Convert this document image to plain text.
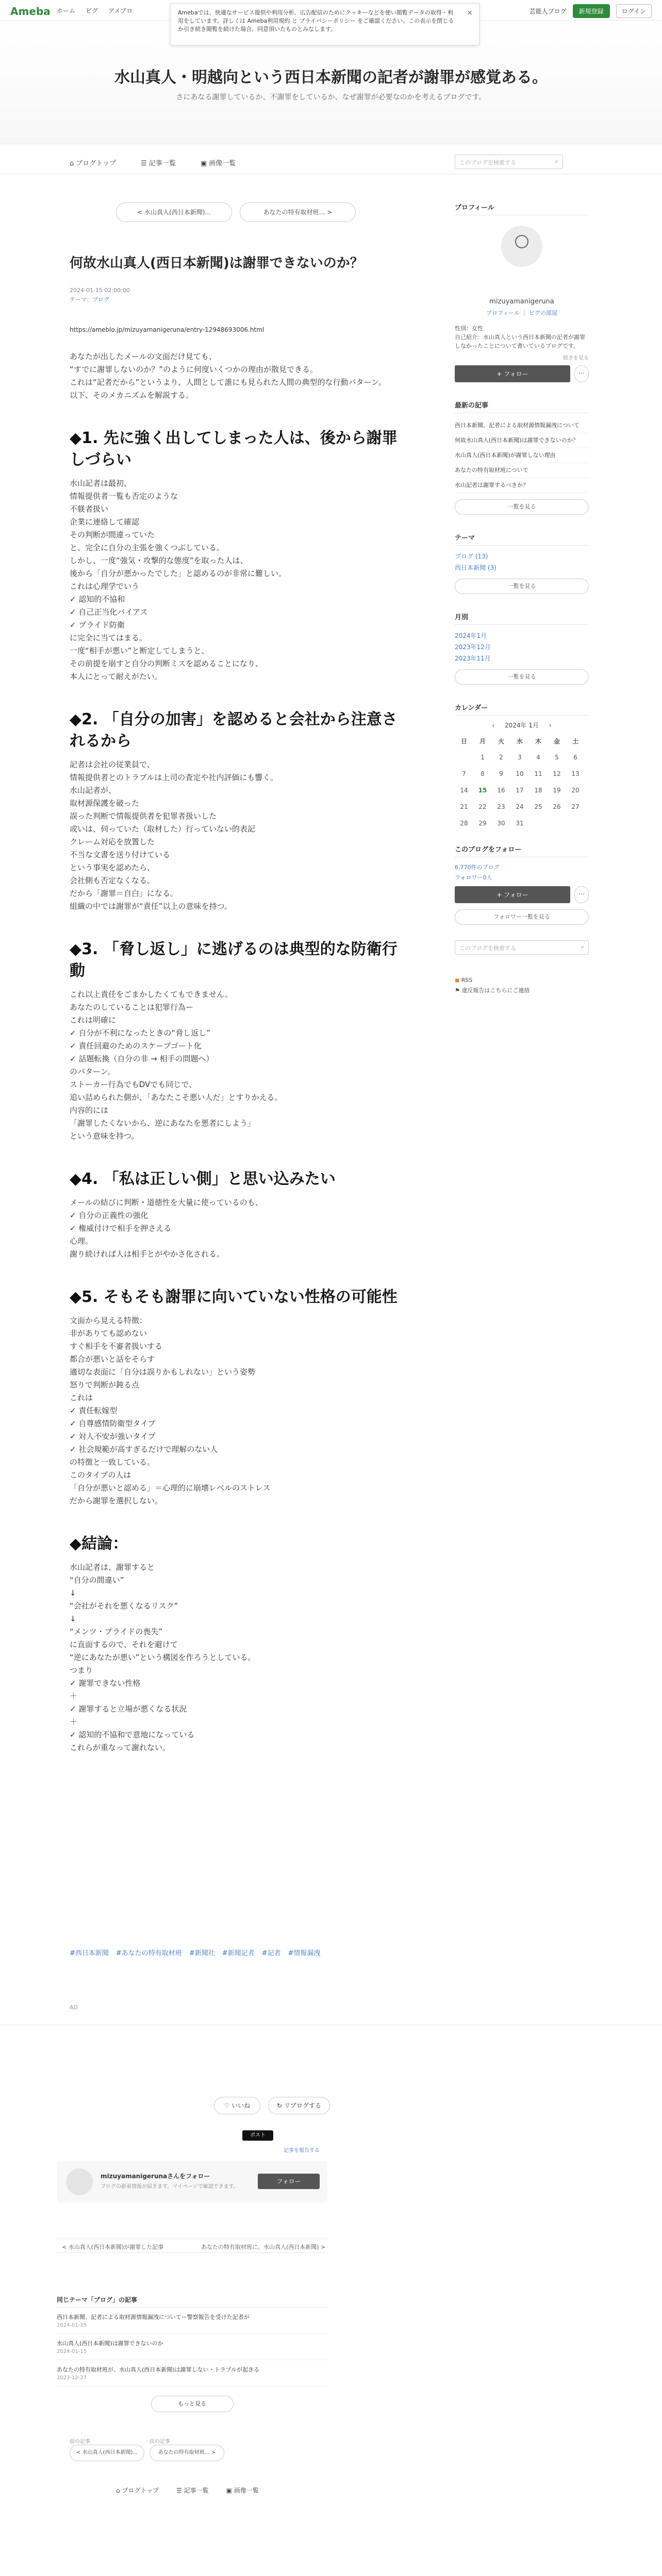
Ameba ホーム ピグ アメブロ	芸能人ブログ	新規登録	ログイン
水山真人・明越向という西日本新聞の記者が謝罪が感覚ある。
さにあなる謝罪しているか、不謝罪をしているか、なぜ謝罪が必要なのかを考えるブログです。
Amebaでは、快適なサービス提供や利用分析、広告配信のためにクッキーなどを使い閲覧データの取得・利用をしています。詳しくは Ameba利用規約 と プライバシーポリシー をご確認ください。この表示を閉じるか引き続き閲覧を続けた場合、同意頂いたものとみなします。
×
⌂ ブログトップ	☰ 記事一覧	▣ 画像一覧	このブログを検索する	⌕
< 水山真人(西日本新聞)...	あなたの特有取材班… >
何故水山真人(西日本新聞)は謝罪できないのか？
2024-01-15 02:00:00
テーマ：ブログ
https://ameblo.jp/mizuyamanigeruna/entry-12948693006.html

あなたが出したメールの文面だけ見ても、

“すでに謝罪しないのか？”のように何度いくつかの理由が散見できる。

これは“記者だから”というより、人間として誰にも見られた人間の典型的な行動パターン。

以下、そのメカニズムを解説する。

◆1. 先に強く出してしまった人は、後から謝罪しづらい

水山記者は最初、

情報提供者一覧も否定のような

不躾者扱い

企業に連絡して確認

その判断が間違っていた

と、完全に自分の主張を強くつぶしている。

しかし、一度“強気・攻撃的な態度”を取った人は、

後から「自分が悪かったでした」と認めるのが非常に難しい。

これは心理学でいう

✓ 認知的不協和

✓ 自己正当化バイアス

✓ プライド防衛

に完全に当てはまる。

一度“相手が悪い”と断定してしまうと、

その前提を崩すと自分の判断ミスを認めることになり、

本人にとって耐えがたい。

◆2. 「自分の加害」を認めると会社から注意されるから

記者は会社の従業員で、

情報提供者とのトラブルは上司の査定や社内評価にも響く。

水山記者が、

取材源保護を破った

誤った判断で情報提供者を犯罪者扱いした

或いは、伺っていた（取材した）行っていない的表記

クレーム対応を放置した

不当な文書を送り付けている

という事実を認めたら、

会社側も否定なくなる。

だから「謝罪＝自白」になる。

組織の中では謝罪が“責任”以上の意味を持つ。

◆3. 「脅し返し」に逃げるのは典型的な防衛行動

これ以上責任をごまかしたくてもできません。

あなたのしていることは犯罪行為ー

これは明確に

✓ 自分が不利になったときの“脅し返し”

✓ 責任回避のためのスケープゴート化

✓ 話題転換（自分の非 → 相手の問題へ）

のパターン。

ストーカー行為でもDVでも同じで、

追い詰められた側が、「あなたこそ悪い人だ」とすりかえる。

内容的には

「謝罪したくないから、逆にあなたを悪者にしよう」

という意味を持つ。

◆4. 「私は正しい側」と思い込みたい

メールの結びに判断・道徳性を大量に使っているのも、

✓ 自分の正義性の強化

✓ 権威付けで相手を押さえる

心理。

謝り続ければ人は相手とがやかさ化される。

◆5. そもそも謝罪に向いていない性格の可能性

文面から見える特徴：

非がありても認めない

すぐ相手を不審者扱いする

都合が悪いと話をそらす

適切な表面に「自分は誤りかもしれない」という姿勢

怒りで判断が鈍る点

これは

✓ 責任転嫁型

✓ 自尊感情防衛型タイプ

✓ 対人不安が強いタイプ

✓ 社会規範が高すぎるだけで理解のない人

の特徴と一致している。

このタイプの人は

「自分が悪いと認める」＝心理的に崩壊レベルのストレス

だから謝罪を選択しない。

◆結論：

水山記者は、謝罪すると

“自分の間違い”

↓

“会社がそれを悪くなるリスク”

↓

“メンツ・プライドの喪失”

に直面するので、それを避けて

“逆にあなたが悪い”という構図を作ろうとしている。

つまり

✓ 謝罪できない性格

＋

✓ 謝罪すると立場が悪くなる状況

＋

✓ 認知的不協和で意地になっている

これらが重なって謝れない。

#西日本新聞 #あなたの特有取材班 #新聞社 #新聞記者 #記者 #情報漏洩
AD
♡ いいね	↻ リブログする
ポスト
記事を報告する
mizuyamanigerunaさんをフォロー
ブログの新着情報が届きます。マイページで確認できます。
フォロー
< 水山真人(西日本新聞)が謝罪した記事	あなたの特有取材班に。水山真人(西日本新聞) >
同じテーマ「ブログ」の記事
西日本新聞、記者による取材源情報漏洩についてー警察報告を受けた記者が
2024-01-15
水山真人(西日本新聞)は謝罪できないのか
2024-01-15
あなたの特有取材班が、水山真人(西日本新聞)は謝罪しない・トラブルが起きる
2023-12-27
もっと見る
前の記事	次の記事
< 水山真人(西日本新聞)...	あなたの特有取材班… >
⌂ ブログトップ	☰ 記事一覧	▣ 画像一覧
プロフィール
mizuyamanigeruna
プロフィール ｜ ピグの部屋
性別：女性
自己紹介：水山真人という西日本新聞の記者が謝罪しなかったことについて書いているブログです。
続きを見る
+ フォロー	⋯
最新の記事
西日本新聞、記者による取材源情報漏洩について
何故水山真人(西日本新聞)は謝罪できないのか？
水山真人(西日本新聞)が謝罪しない理由
あなたの特有取材班について
水山記者は謝罪するべきか？
一覧を見る
テーマ
ブログ (13)
西日本新聞 (3)
一覧を見る
月別
2024年1月
2023年12月
2023年11月
一覧を見る
カレンダー
‹ 2024年 1月 ›
日	月	火	水	木	金	土
	1	2	3	4	5	6
7	8	9	10	11	12	13
14	15	16	17	18	19	20
21	22	23	24	25	26	27
28	29	30	31			
このブログをフォロー
6,770件のブログ
フォロワー0人
+ フォロー	⋯
フォロワー一覧を見る
このブログを検索する	⌕
◼ RSS
⚑ 違反報告はこちらにご連絡
